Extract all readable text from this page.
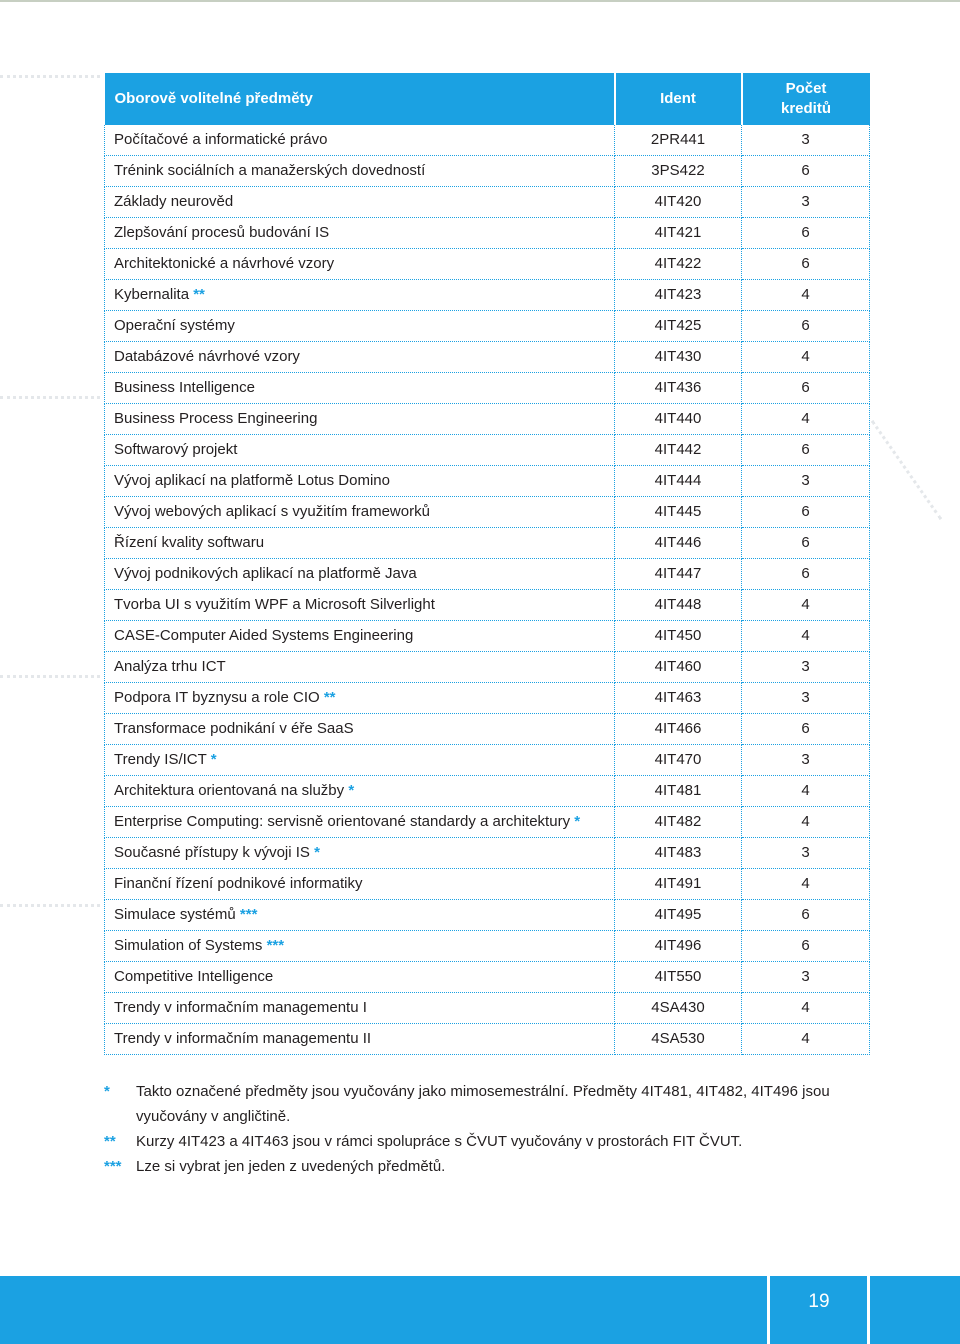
Oborově volitelné předměty	Ident	Počet kreditů
Počítačové a informatické právo	2PR441	3
Trénink sociálních a manažerských dovedností	3PS422	6
Základy neurověd	4IT420	3
Zlepšování procesů budování IS	4IT421	6
Architektonické a návrhové vzory	4IT422	6
Kybernalita **	4IT423	4
Operační systémy	4IT425	6
Databázové návrhové vzory	4IT430	4
Business Intelligence	4IT436	6
Business Process Engineering	4IT440	4
Softwarový projekt	4IT442	6
Vývoj aplikací na platformě Lotus Domino	4IT444	3
Vývoj webových aplikací s využitím frameworků	4IT445	6
Řízení kvality softwaru	4IT446	6
Vývoj podnikových aplikací na platformě Java	4IT447	6
Tvorba UI s využitím WPF a Microsoft Silverlight	4IT448	4
CASE-Computer Aided Systems Engineering	4IT450	4
Analýza trhu ICT	4IT460	3
Podpora IT byznysu a role CIO **	4IT463	3
Transformace podnikání v éře SaaS	4IT466	6
Trendy IS/ICT *	4IT470	3
Architektura orientovaná na služby *	4IT481	4
Enterprise Computing: servisně orientované standardy a architektury *	4IT482	4
Současné přístupy k vývoji IS *	4IT483	3
Finanční řízení podnikové informatiky	4IT491	4
Simulace systémů ***	4IT495	6
Simulation of Systems ***	4IT496	6
Competitive Intelligence	4IT550	3
Trendy v informačním managementu I	4SA430	4
Trendy v informačním managementu II	4SA530	4
* Takto označené předměty jsou vyučovány jako mimosemestrální. Předměty 4IT481, 4IT482, 4IT496 jsou vyučovány v angličtině.
** Kurzy 4IT423 a 4IT463 jsou v rámci spolupráce s ČVUT vyučovány v prostorách FIT ČVUT.
*** Lze si vybrat jen jeden z uvedených předmětů.
19
